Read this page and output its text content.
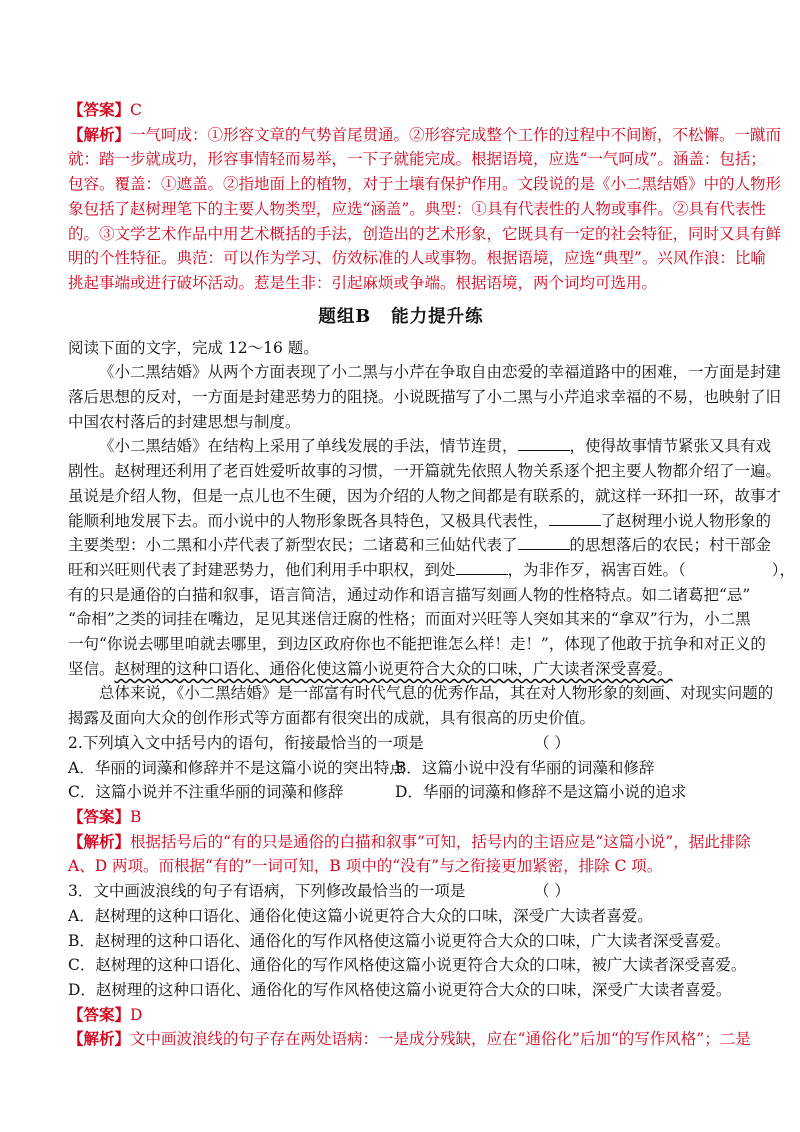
【答案】C

【解析】一气呵成：①形容文章的气势首尾贯通。②形容完成整个工作的过程中不间断，不松懈。一蹴而

就：踏一步就成功，形容事情轻而易举，一下子就能完成。根据语境，应选“一气呵成”。涵盖：包括；

包容。覆盖：①遮盖。②指地面上的植物，对于土壤有保护作用。文段说的是《小二黑结婚》中的人物形

象包括了赵树理笔下的主要人物类型，应选“涵盖”。典型：①具有代表性的人物或事件。②具有代表性

的。③文学艺术作品中用艺术概括的手法，创造出的艺术形象，它既具有一定的社会特征，同时又具有鲜

明的个性特征。典范：可以作为学习、仿效标准的人或事物。根据语境，应选“典型”。兴风作浪：比喻

挑起事端或进行破坏活动。惹是生非：引起麻烦或争端。根据语境，两个词均可选用。

题组B 能力提升练

阅读下面的文字，完成 12～16 题。

《小二黑结婚》从两个方面表现了小二黑与小芹在争取自由恋爱的幸福道路中的困难，一方面是封建

落后思想的反对，一方面是封建恶势力的阻挠。小说既描写了小二黑与小芹追求幸福的不易，也映射了旧

中国农村落后的封建思想与制度。

《小二黑结婚》在结构上采用了单线发展的手法，情节连贯，	，使得故事情节紧张又具有戏

剧性。赵树理还利用了老百姓爱听故事的习惯，一开篇就先依照人物关系逐个把主要人物都介绍了一遍。

虽说是介绍人物，但是一点儿也不生硬，因为介绍的人物之间都是有联系的，就这样一环扣一环，故事才

能顺利地发展下去。而小说中的人物形象既各具特色，又极具代表性，	了赵树理小说人物形象的

主要类型：小二黑和小芹代表了新型农民；二诸葛和三仙姑代表了	的思想落后的农民；村干部金

旺和兴旺则代表了封建恶势力，他们利用手中职权，到处	，为非作歹，祸害百姓。（	），

有的只是通俗的白描和叙事，语言简洁，通过动作和语言描写刻画人物的性格特点。如二诸葛把“忌”

“命相”之类的词挂在嘴边，足见其迷信迂腐的性格；而面对兴旺等人突如其来的“拿双”行为，小二黑

一句“你说去哪里咱就去哪里，到边区政府你也不能把谁怎么样！走！”，体现了他敢于抗争和对正义的

坚信。赵树理的这种口语化、通俗化使这篇小说更符合大众的口味，广大读者深受喜爱。

总体来说，《小二黑结婚》是一部富有时代气息的优秀作品，其在对人物形象的刻画、对现实问题的

揭露及面向大众的创作形式等方面都有很突出的成就，具有很高的历史价值。

2.下列填入文中括号内的语句，衔接最恰当的一项是	（ ）
A．华丽的词藻和修辞并不是这篇小说的突出特点
B．这篇小说中没有华丽的词藻和修辞
C．这篇小说并不注重华丽的词藻和修辞	D．华丽的词藻和修辞不是这篇小说的追求

【答案】B

【解析】根据括号后的“有的只是通俗的白描和叙事”可知，括号内的主语应是“这篇小说”，据此排除

A、D 两项。而根据“有的”一词可知，B 项中的“没有”与之衔接更加紧密，排除 C 项。

3．文中画波浪线的句子有语病，下列修改最恰当的一项是	（ ）

A．赵树理的这种口语化、通俗化使这篇小说更符合大众的口味，深受广大读者喜爱。

B．赵树理的这种口语化、通俗化的写作风格使这篇小说更符合大众的口味，广大读者深受喜爱。

C．赵树理的这种口语化、通俗化的写作风格使这篇小说更符合大众的口味，被广大读者深受喜爱。

D．赵树理的这种口语化、通俗化的写作风格使这篇小说更符合大众的口味，深受广大读者喜爱。

【答案】D

【解析】文中画波浪线的句子存在两处语病：一是成分残缺，应在“通俗化”后加“的写作风格”；二是
